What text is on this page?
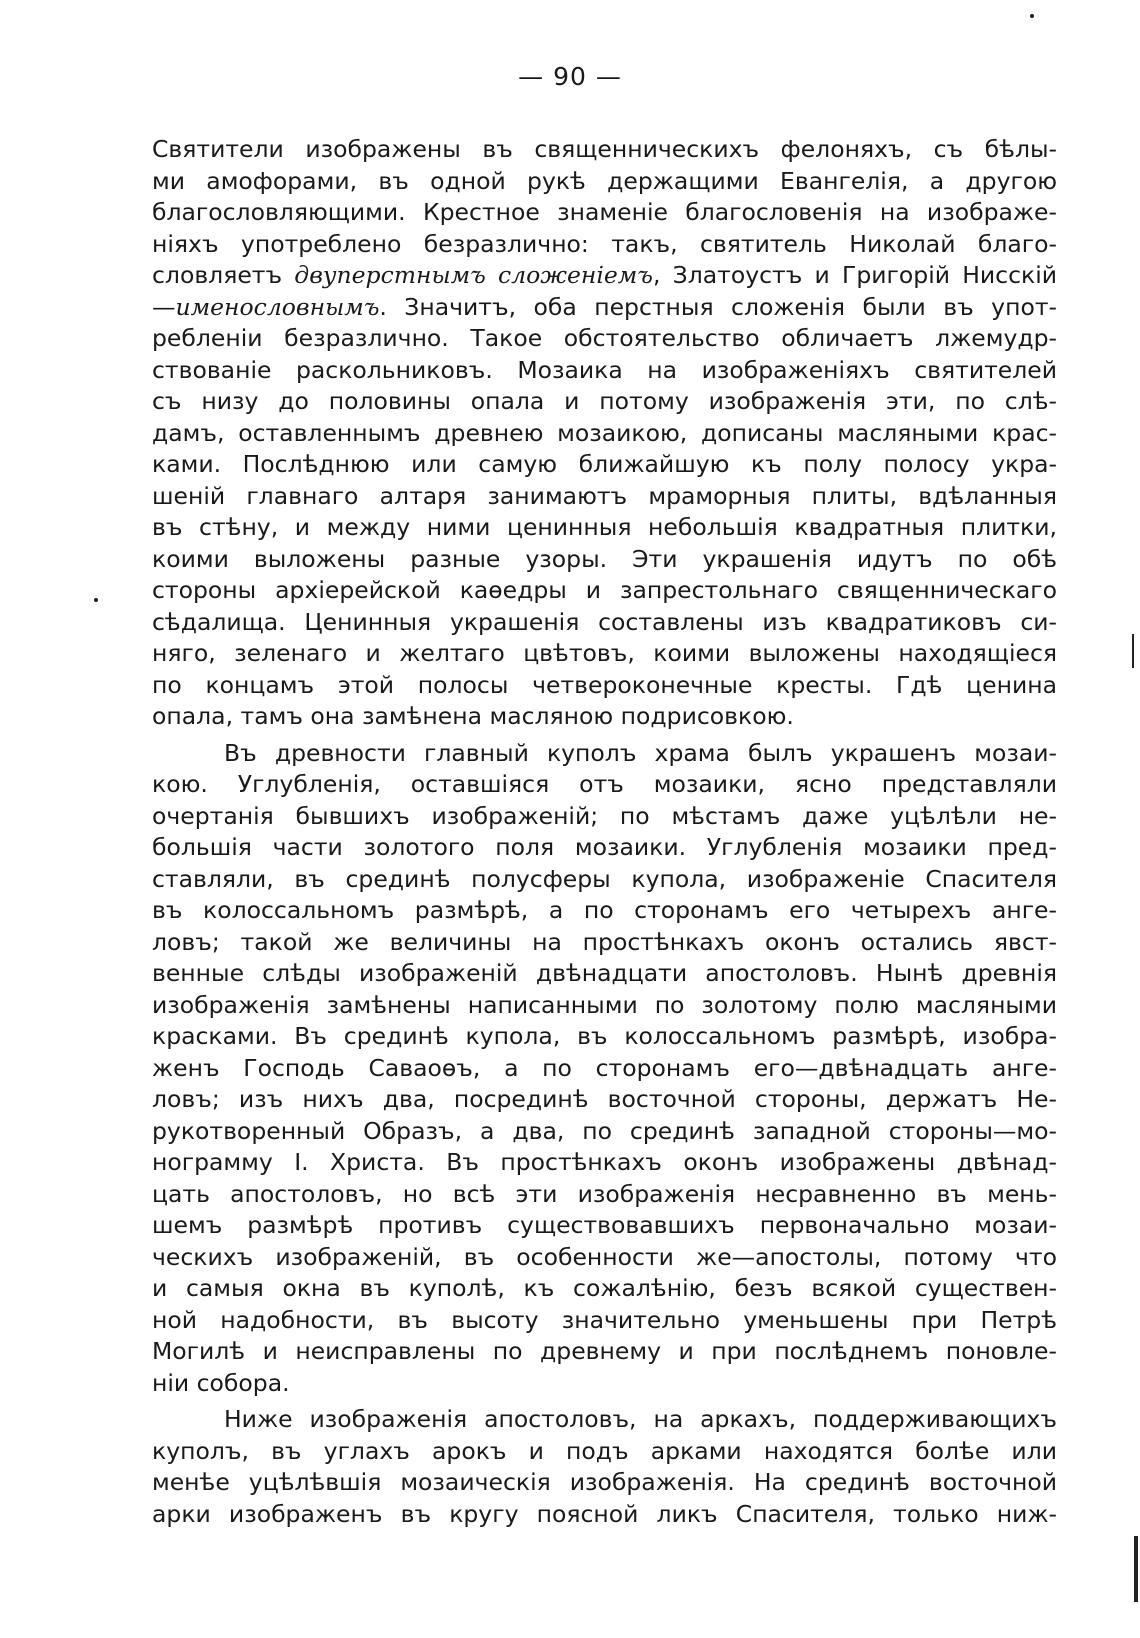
— 90 —
Святители изображены въ священническихъ фелоняхъ, съ бѣлы-
ми амофорами, въ одной рукѣ держащими Евангелія, а другою
благословляющими. Крестное знаменіе благословенія на изображе-
ніяхъ употреблено безразлично: такъ, святитель Николай благо-
словляетъ двуперстнымъ сложеніемъ, Златоустъ и Григорій Нисскій
—именословнымъ. Значитъ, оба перстныя сложенія были въ упот-
ребленіи безразлично. Такое обстоятельство обличаетъ лжемудр-
ствованіе раскольниковъ. Мозаика на изображеніяхъ святителей
съ низу до половины опала и потому изображенія эти, по слѣ-
дамъ, оставленнымъ древнею мозаикою, дописаны масляными крас-
ками. Послѣднюю или самую ближайшую къ полу полосу укра-
шеній главнаго алтаря занимаютъ мраморныя плиты, вдѣланныя
въ стѣну, и между ними ценинныя небольшія квадратныя плитки,
коими выложены разные узоры. Эти украшенія идутъ по обѣ
стороны архіерейской каѳедры и запрестольнаго священническаго
сѣдалища. Ценинныя украшенія составлены изъ квадратиковъ си-
няго, зеленаго и желтаго цвѣтовъ, коими выложены находящіеся
по концамъ этой полосы четвероконечные кресты. Гдѣ ценина
опала, тамъ она замѣнена масляною подрисовкою.
Въ древности главный куполъ храма былъ украшенъ мозаи-
кою. Углубленія, оставшіяся отъ мозаики, ясно представляли
очертанія бывшихъ изображеній; по мѣстамъ даже уцѣлѣли не-
большія части золотого поля мозаики. Углубленія мозаики пред-
ставляли, въ срединѣ полусферы купола, изображеніе Спасителя
въ колоссальномъ размѣрѣ, а по сторонамъ его четырехъ анге-
ловъ; такой же величины на простѣнкахъ оконъ остались явст-
венные слѣды изображеній двѣнадцати апостоловъ. Нынѣ древнія
изображенія замѣнены написанными по золотому полю масляными
красками. Въ срединѣ купола, въ колоссальномъ размѣрѣ, изобра-
женъ Господь Саваоѳъ, а по сторонамъ его—двѣнадцать анге-
ловъ; изъ нихъ два, посрединѣ восточной стороны, держатъ Не-
рукотворенный Образъ, а два, по срединѣ западной стороны—мо-
нограмму І. Христа. Въ простѣнкахъ оконъ изображены двѣнад-
цать апостоловъ, но всѣ эти изображенія несравненно въ мень-
шемъ размѣрѣ противъ существовавшихъ первоначально мозаи-
ческихъ изображеній, въ особенности же—апостолы, потому что
и самыя окна въ куполѣ, къ сожалѣнію, безъ всякой существен-
ной надобности, въ высоту значительно уменьшены при Петрѣ
Могилѣ и неисправлены по древнему и при послѣднемъ поновле-
ніи собора.
Ниже изображенія апостоловъ, на аркахъ, поддерживающихъ
куполъ, въ углахъ арокъ и подъ арками находятся болѣе или
менѣе уцѣлѣвшія мозаическія изображенія. На срединѣ восточной
арки изображенъ въ кругу поясной ликъ Спасителя, только ниж-
